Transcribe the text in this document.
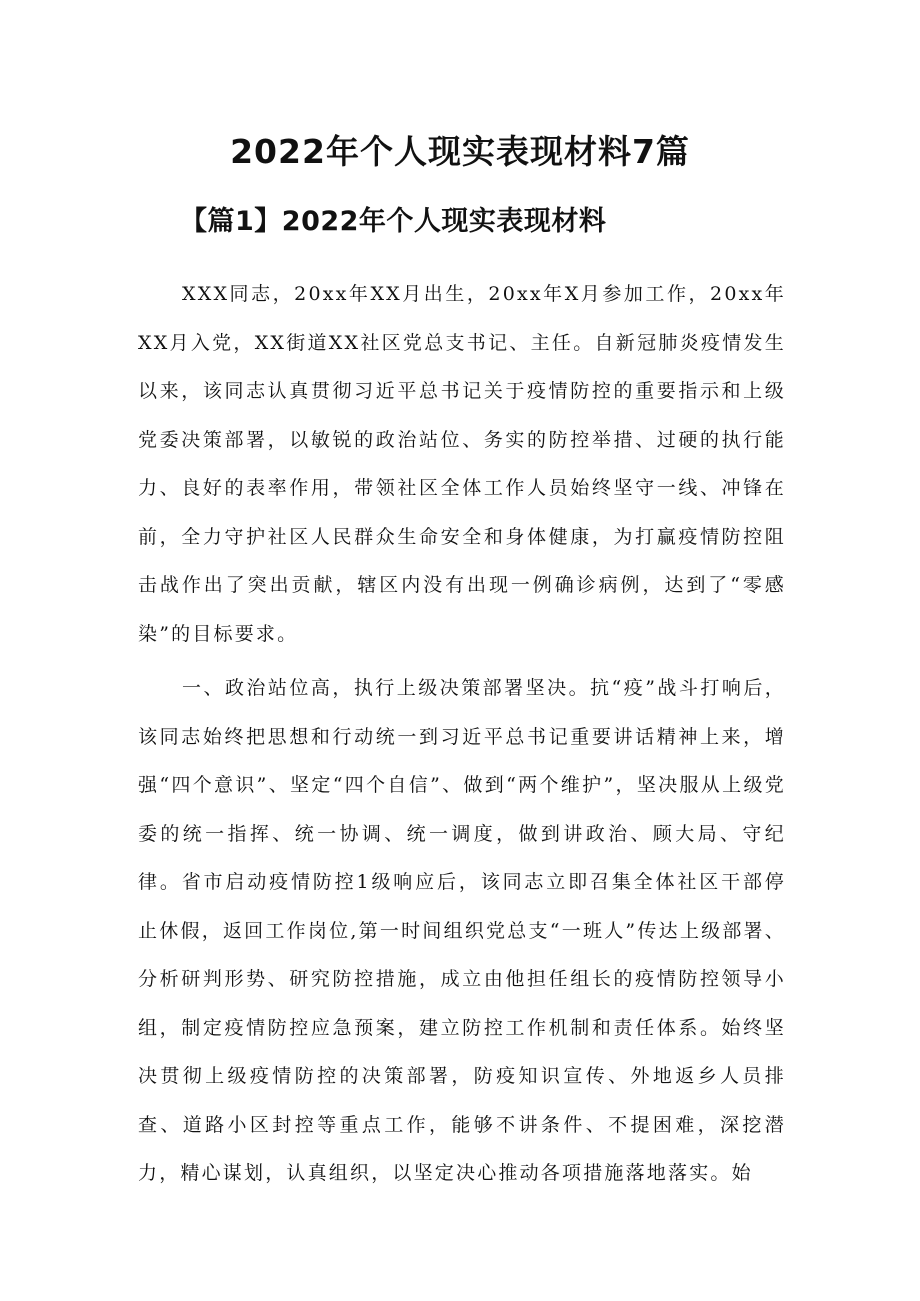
2022年个人现实表现材料7篇
【篇1】2022年个人现实表现材料

XXX同志，20xx年XX月出生，20xx年X月参加工作，20xx年XX月入党，XX街道XX社区党总支书记、主任。自新冠肺炎疫情发生以来，该同志认真贯彻习近平总书记关于疫情防控的重要指示和上级党委决策部署，以敏锐的政治站位、务实的防控举措、过硬的执行能力、良好的表率作用，带领社区全体工作人员始终坚守一线、冲锋在前，全力守护社区人民群众生命安全和身体健康，为打赢疫情防控阻击战作出了突出贡献，辖区内没有出现一例确诊病例，达到了“零感染”的目标要求。

一、政治站位高，执行上级决策部署坚决。抗“疫”战斗打响后，该同志始终把思想和行动统一到习近平总书记重要讲话精神上来，增强“四个意识”、坚定“四个自信”、做到“两个维护”，坚决服从上级党委的统一指挥、统一协调、统一调度，做到讲政治、顾大局、守纪律。省市启动疫情防控1级响应后，该同志立即召集全体社区干部停止休假，返回工作岗位,第一时间组织党总支“一班人”传达上级部署、分析研判形势、研究防控措施，成立由他担任组长的疫情防控领导小组，制定疫情防控应急预案，建立防控工作机制和责任体系。始终坚决贯彻上级疫情防控的决策部署，防疫知识宣传、外地返乡人员排查、道路小区封控等重点工作，能够不讲条件、不提困难，深挖潜力，精心谋划，认真组织，以坚定决心推动各项措施落地落实。始
